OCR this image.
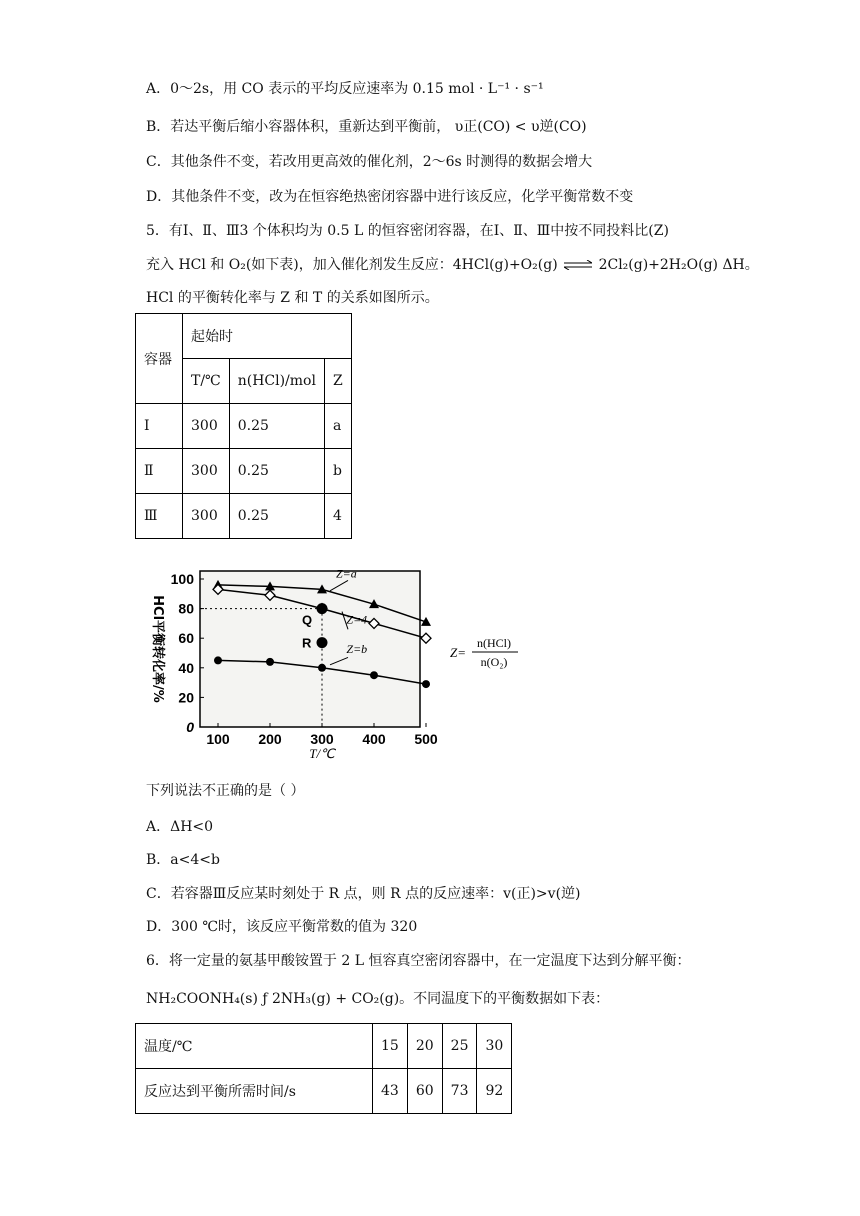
A．0～2s，用 CO 表示的平均反应速率为 0.15 mol · L⁻¹ · s⁻¹
B．若达平衡后缩小容器体积，重新达到平衡前， υ正(CO) < υ逆(CO)
C．其他条件不变，若改用更高效的催化剂，2～6s 时测得的数据会增大
D．其他条件不变，改为在恒容绝热密闭容器中进行该反应，化学平衡常数不变
5．有Ⅰ、Ⅱ、Ⅲ3 个体积均为 0.5 L 的恒容密闭容器，在Ⅰ、Ⅱ、Ⅲ中按不同投料比(Z)
充入 HCl 和 O₂(如下表)，加入催化剂发生反应：4HCl(g)+O₂(g) ⇌ 2Cl₂(g)+2H₂O(g) ΔH。
HCl 的平衡转化率与 Z 和 T 的关系如图所示。
容器	起始时		
	T/℃	n(HCl)/mol	Z
Ⅰ	300	0.25	a
Ⅱ	300	0.25	b
Ⅲ	300	0.25	4
0
20
40
60
80
100
100 200 300 400 500
T/℃
HCl平衡转化率/%
Z=a
Z=4
Z=b
Q
R
Z=
n(HCl)
n(O₂)
下列说法不正确的是（ ）
A．ΔH<0
B．a<4<b
C．若容器Ⅲ反应某时刻处于 R 点，则 R 点的反应速率：v(正)>v(逆)
D．300 ℃时，该反应平衡常数的值为 320
6．将一定量的氨基甲酸铵置于 2 L 恒容真空密闭容器中，在一定温度下达到分解平衡：
NH₂COONH₄(s) ƒ 2NH₃(g) + CO₂(g)。不同温度下的平衡数据如下表：
温度/℃	15	20	25	30
反应达到平衡所需时间/s	43	60	73	92
